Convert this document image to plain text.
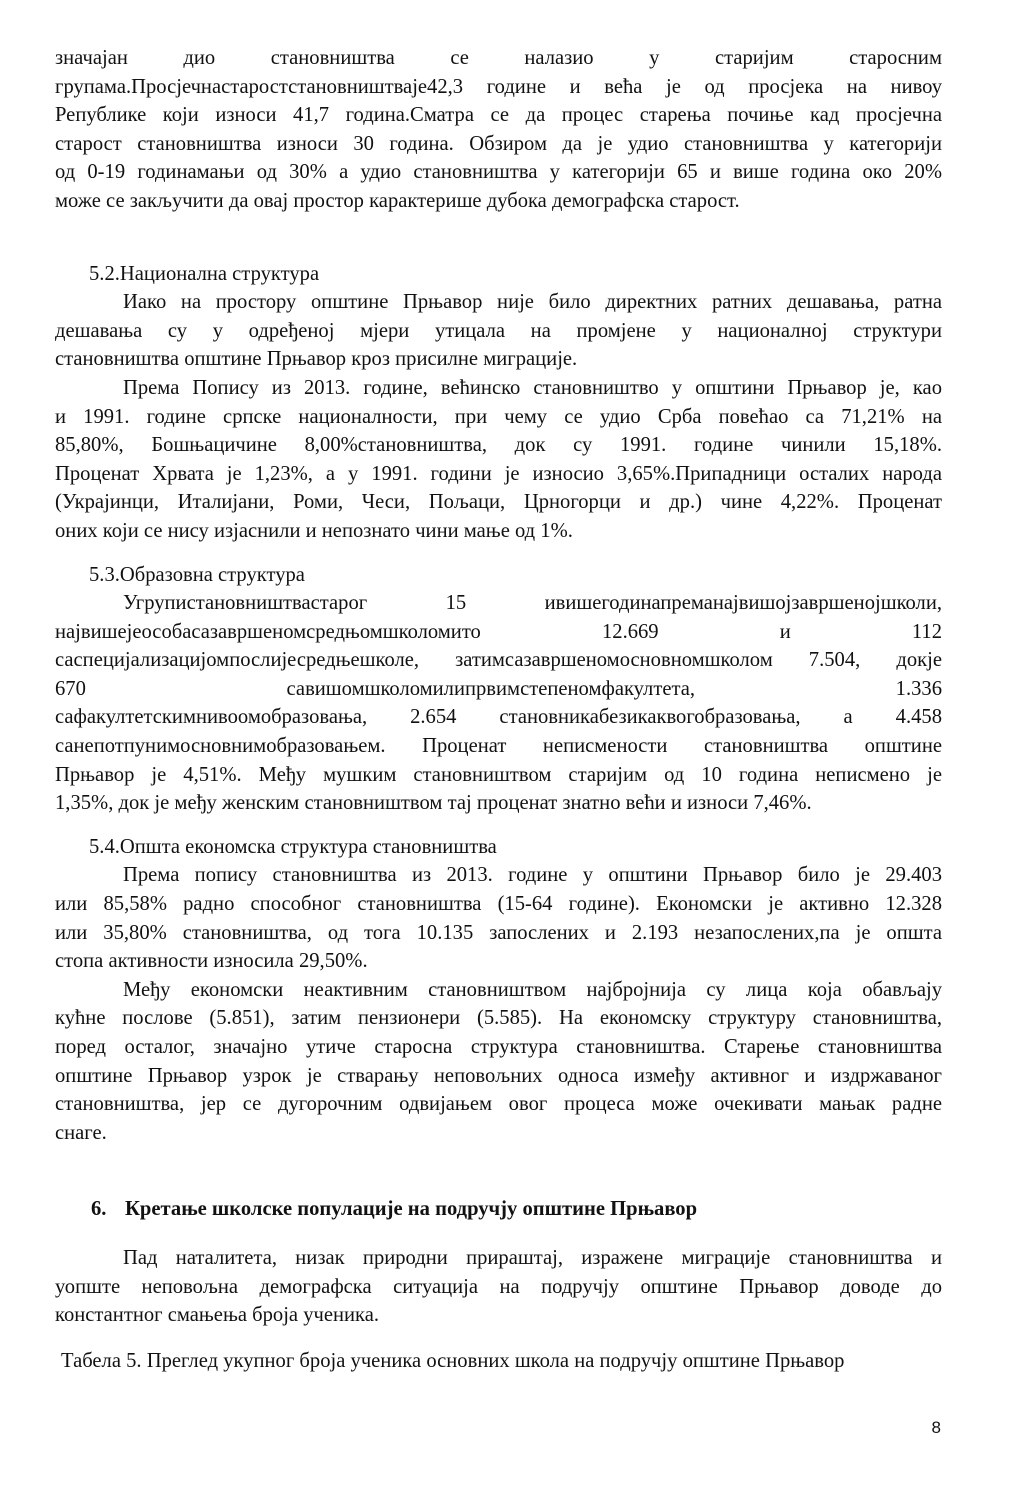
значајан дио становништва се налазио у старијим старосним
групама.Просјечнастаростстановништваје42,3 године и већа је од просјека на нивоу
Републике који износи 41,7 година.Сматра се да процес старења почиње кад просјечна
старост становништва износи 30 година. Обзиром да је удио становништва у категорији
од 0-19 годинамањи од 30% а удио становништва у категорији 65 и више година око 20%
може се закључити да овај простор карактерише дубока демографска старост.
5.2.Национална структура
Иако на простору општине Прњавор није било директних ратних дешавања, ратна
дешавања су у одређеној мјери утицала на промјене у националној структури
становништва општине Прњавор кроз присилне миграције.
Према Попису из 2013. године, већинско становништво у општини Прњавор је, као
и 1991. године српске националности, при чему се удио Срба повећао са 71,21% на
85,80%, Бошњацичине 8,00%становништва, док су 1991. године чинили 15,18%.
Проценат Хрвата је 1,23%, а у 1991. години је износио 3,65%.Припадници осталих народа
(Украјинци, Италијани, Роми, Чеси, Пољаци, Црногорци и др.) чине 4,22%. Проценат
оних који се нису изјаснили и непознато чини мање од 1%.
5.3.Образовна структура
Угрупистановништвастарог 15 ивишегодинапреманајвишојзавршенојшколи,
највишејеособасазавршеномсредњомшколомито 12.669 и 112
саспецијализацијомпослијесредњешколе, затимсазавршеномосновномшколом 7.504, докје
670 савишомшколомилипрвимстепеномфакултета, 1.336
сафакултетскимнивоомобразовања, 2.654 становникабезикаквогобразовања, а 4.458
санепотпунимосновнимобразовањем. Проценат неписмености становништва општине
Прњавор је 4,51%. Међу мушким становништвом старијим од 10 година неписмено је
1,35%, док је међу женским становништвом тај проценат знатно већи и износи 7,46%.
5.4.Општа економска структура становништва
Према попису становништва из 2013. године у општини Прњавор било је 29.403
или 85,58% радно способног становништва (15-64 године). Економски је активно 12.328
или 35,80% становништва, од тога 10.135 запослених и 2.193 незапослених,па је општа
стопа активности износила 29,50%.
Међу економски неактивним становништвом најбројнија су лица која обављају
кућне послове (5.851), затим пензионери (5.585). На економску структуру становништва,
поред осталог, значајно утиче старосна структура становништва. Старење становништва
општине Прњавор узрок је стварању неповољних односа између активног и издржаваног
становништва, јер се дугорочним одвијањем овог процеса може очекивати мањак радне
снаге.
6. Кретање школске популације на подручју општине Прњавор
Пад наталитета, низак природни прираштај, изражене миграције становништва и
уопште неповољна демографска ситуација на подручју општине Прњавор доводе до
константног смањења броја ученика.
Табела 5. Преглед укупног броја ученика основних школа на подручју општине Прњавор
8
